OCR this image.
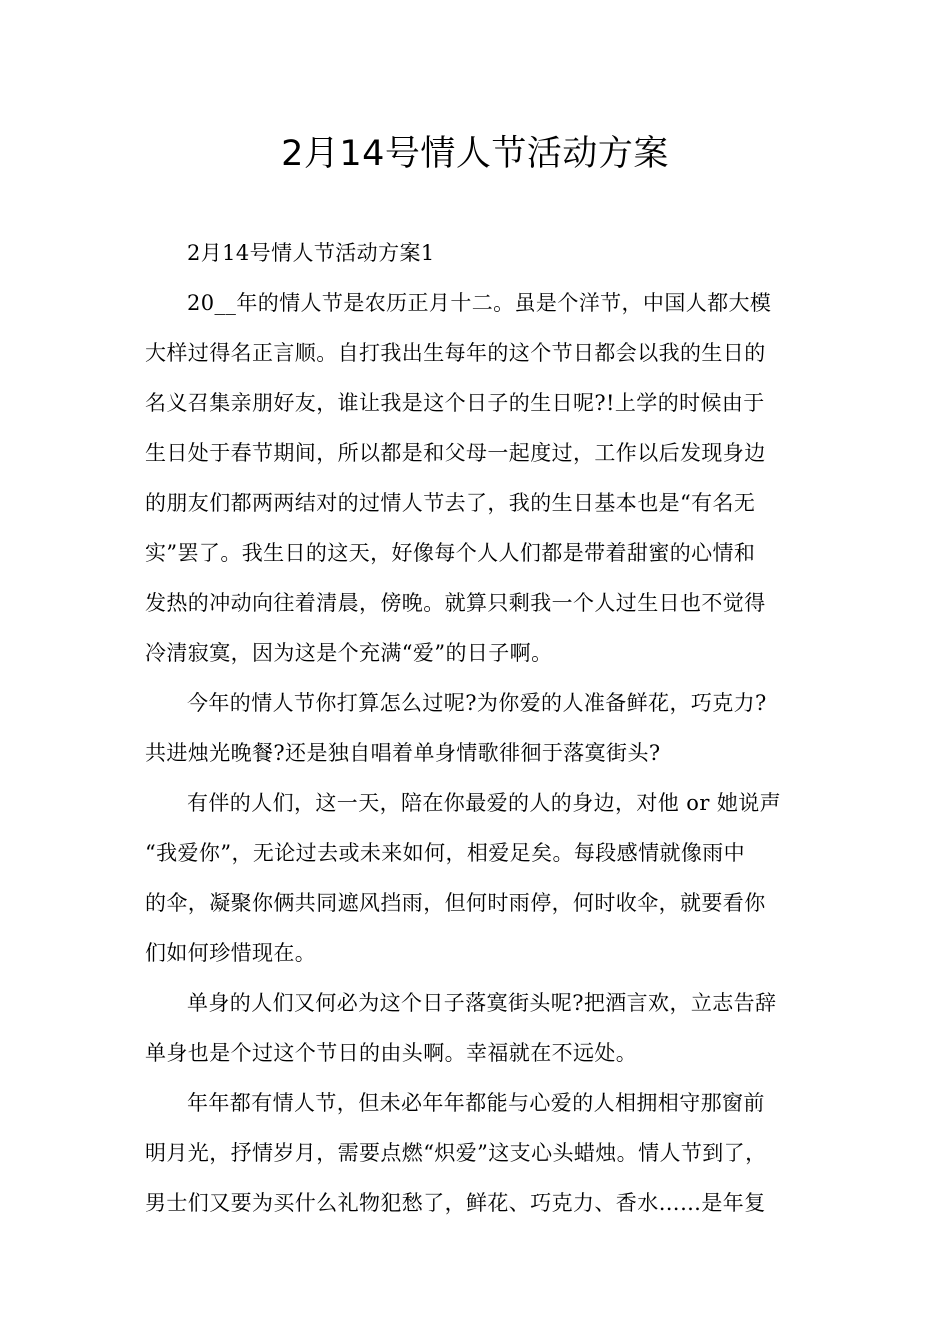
2月14号情人节活动方案

2月14号情人节活动方案1

20__年的情人节是农历正月十二。虽是个洋节，中国人都大模
大样过得名正言顺。自打我出生每年的这个节日都会以我的生日的
名义召集亲朋好友，谁让我是这个日子的生日呢?!上学的时候由于
生日处于春节期间，所以都是和父母一起度过，工作以后发现身边
的朋友们都两两结对的过情人节去了，我的生日基本也是“有名无
实”罢了。我生日的这天，好像每个人人们都是带着甜蜜的心情和
发热的冲动向往着清晨，傍晚。就算只剩我一个人过生日也不觉得
冷清寂寞，因为这是个充满“爱”的日子啊。

今年的情人节你打算怎么过呢?为你爱的人准备鲜花，巧克力?
共进烛光晚餐?还是独自唱着单身情歌徘徊于落寞街头?

有伴的人们，这一天，陪在你最爱的人的身边，对他 or 她说声
“我爱你”，无论过去或未来如何，相爱足矣。每段感情就像雨中
的伞，凝聚你俩共同遮风挡雨，但何时雨停，何时收伞，就要看你
们如何珍惜现在。

单身的人们又何必为这个日子落寞街头呢?把酒言欢，立志告辞
单身也是个过这个节日的由头啊。幸福就在不远处。

年年都有情人节，但未必年年都能与心爱的人相拥相守那窗前
明月光，抒情岁月，需要点燃“炽爱”这支心头蜡烛。情人节到了，
男士们又要为买什么礼物犯愁了，鲜花、巧克力、香水……是年复
